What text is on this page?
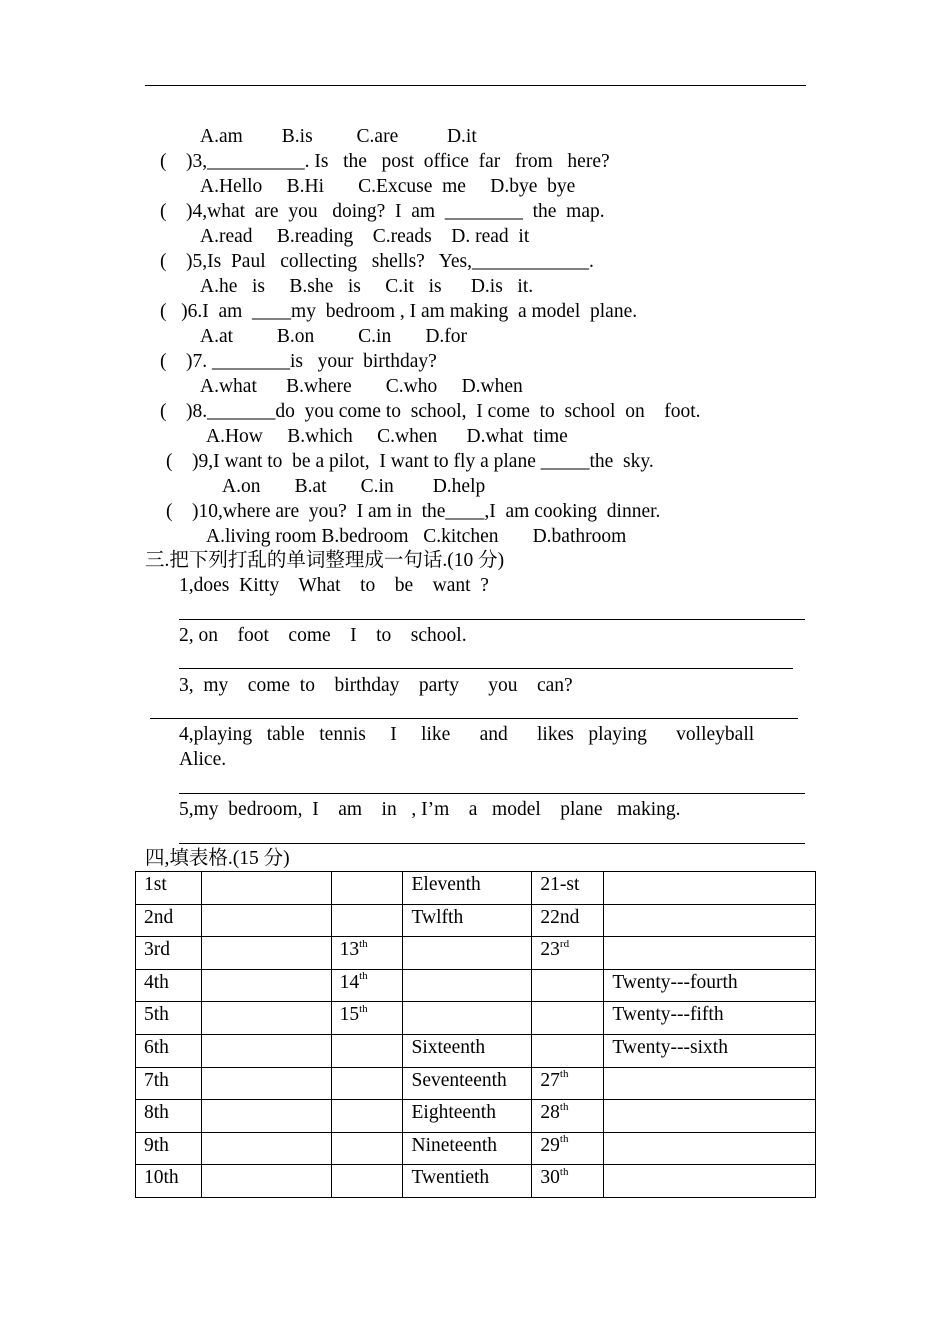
A.am        B.is         C.are          D.it
(    )3,__________. Is   the   post  office  far   from   here?
A.Hello     B.Hi       C.Excuse  me     D.bye  bye
(    )4,what  are  you   doing?  I  am  ________  the  map.
A.read     B.reading    C.reads    D. read  it
(    )5,Is  Paul   collecting   shells?   Yes,____________.
A.he   is     B.she   is     C.it   is      D.is   it.
(   )6.I  am  ____my  bedroom , I am making  a model  plane.
A.at         B.on         C.in       D.for
(    )7. ________is   your  birthday?
A.what      B.where       C.who     D.when
(    )8._______do  you come to  school,  I come  to  school  on    foot.
A.How     B.which     C.when      D.what  time
(    )9,I want to  be a pilot,  I want to fly a plane _____the  sky.
A.on       B.at       C.in        D.help
(    )10,where are  you?  I am in  the____,I  am cooking  dinner.
A.living room B.bedroom   C.kitchen       D.bathroom
三.把下列打乱的单词整理成一句话.(10 分)
1,does  Kitty    What    to    be    want  ?
2, on    foot    come    I    to    school.
3,  my    come  to    birthday    party      you    can?
4,playing   table   tennis     I     like      and      likes   playing      volleyball
Alice.
5,my  bedroom,  I    am    in   , I’m    a   model    plane   making.
四,填表格.(15 分)
1st			Eleventh	21-st	
2nd			Twlfth	22nd	
3rd		13th		23rd	
4th		14th			Twenty---fourth
5th		15th			Twenty---fifth
6th			Sixteenth		Twenty---sixth
7th			Seventeenth	27th	
8th			Eighteenth	28th	
9th			Nineteenth	29th	
10th			Twentieth	30th	
